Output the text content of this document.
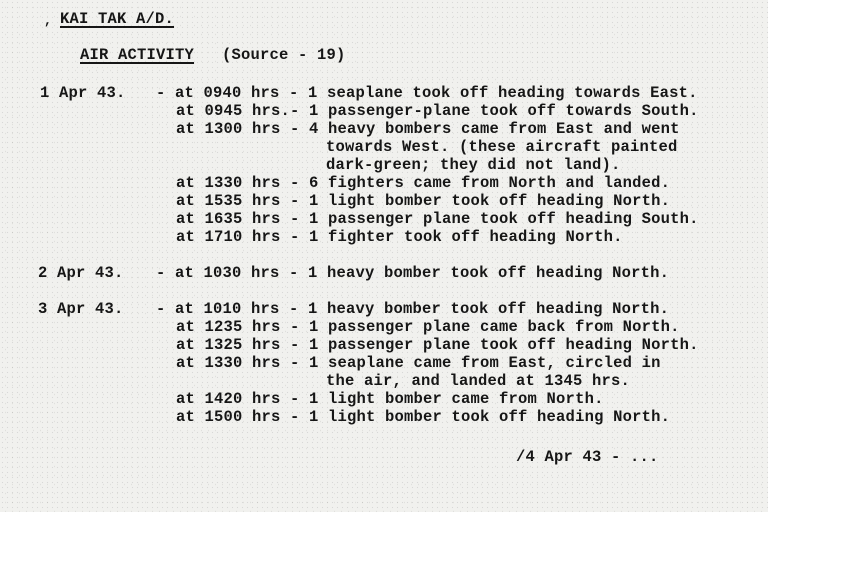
, KAI TAK A/D.
AIR ACTIVITY (Source - 19)
1 Apr 43. - at 0940 hrs - 1 seaplane took off heading towards East.
at 0945 hrs.- 1 passenger-plane took off towards South.
at 1300 hrs - 4 heavy bombers came from East and went
towards West. (these aircraft painted
dark-green; they did not land).
at 1330 hrs - 6 fighters came from North and landed.
at 1535 hrs - 1 light bomber took off heading North.
at 1635 hrs - 1 passenger plane took off heading South.
at 1710 hrs - 1 fighter took off heading North.
2 Apr 43. - at 1030 hrs - 1 heavy bomber took off heading North.
3 Apr 43. - at 1010 hrs - 1 heavy bomber took off heading North.
at 1235 hrs - 1 passenger plane came back from North.
at 1325 hrs - 1 passenger plane took off heading North.
at 1330 hrs - 1 seaplane came from East, circled in
the air, and landed at 1345 hrs.
at 1420 hrs - 1 light bomber came from North.
at 1500 hrs - 1 light bomber took off heading North.
/4 Apr 43 - ...
